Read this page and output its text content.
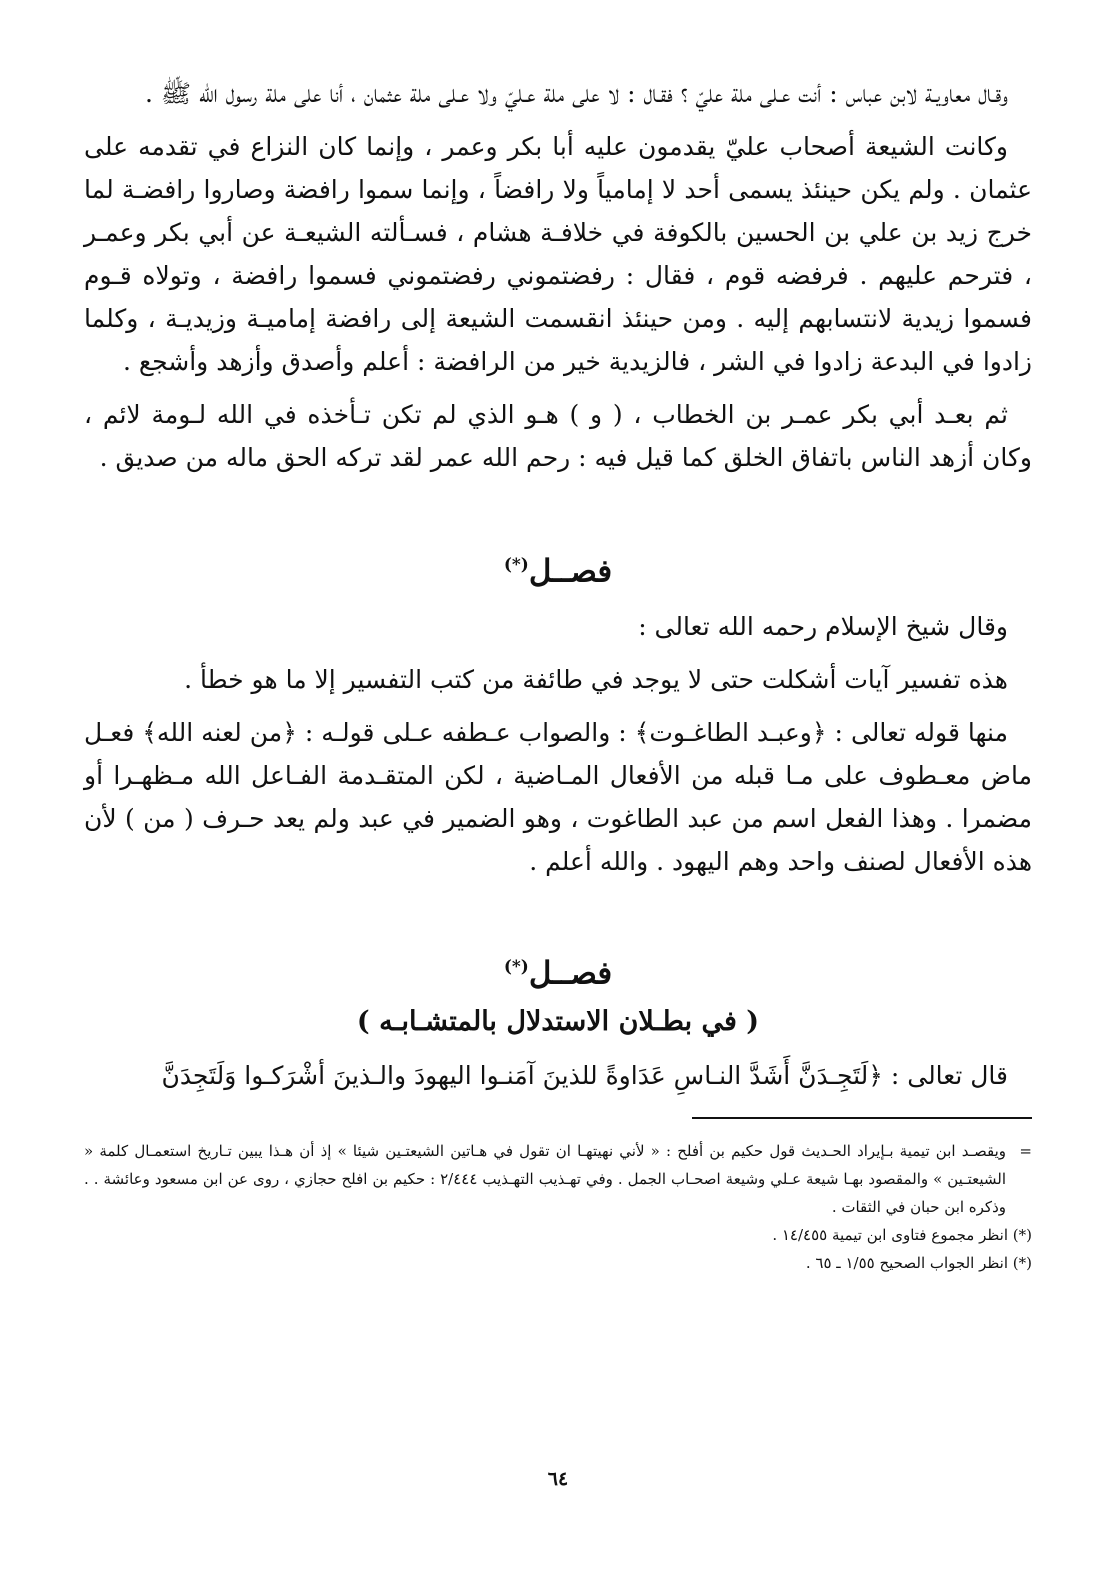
وقـال معاويـة لابن عباس : أنت عـلى ملة عليّ ؟ فقـال : لا على ملة عـليّ ولا عـلى ملة عثمان ، أنا على ملة رسول الله ﷺ .

وكانت الشيعة أصحاب عليّ يقدمون عليه أبا بكر وعمر ، وإنما كان النزاع في تقدمه على عثمان . ولم يكن حينئذ يسمى أحد لا إمامياً ولا رافضاً ، وإنما سموا رافضة وصاروا رافضـة لما خرج زيد بن علي بن الحسين بالكوفة في خلافـة هشام ، فسـألته الشيعـة عن أبي بكر وعمـر ، فترحم عليهم . فرفضه قوم ، فقال : رفضتموني رفضتموني فسموا رافضة ، وتولاه قـوم فسموا زيدية لانتسابهم إليه . ومن حينئذ انقسمت الشيعة إلى رافضة إماميـة وزيديـة ، وكلما زادوا في البدعة زادوا في الشر ، فالزيدية خير من الرافضة : أعلم وأصدق وأزهد وأشجع .

ثم بعـد أبي بكر عمـر بن الخطاب ، ( و ) هـو الذي لم تكن تـأخذه في الله لـومة لائم ، وكان أزهد الناس باتفاق الخلق كما قيل فيه : رحم الله عمر لقد تركه الحق ماله من صديق .

فصــل(*)

وقال شيخ الإسلام رحمه الله تعالى :

هذه تفسير آيات أشكلت حتى لا يوجد في طائفة من كتب التفسير إلا ما هو خطأ .

منها قوله تعالى : ﴿وعبـد الطاغـوت﴾ : والصواب عـطفه عـلى قولـه : ﴿من لعنه الله﴾ فعـل ماض معـطوف على مـا قبله من الأفعال المـاضية ، لكن المتقـدمة الفـاعل الله مـظهـرا أو مضمرا . وهذا الفعل اسم من عبد الطاغوت ، وهو الضمير في عبد ولم يعد حـرف ( من ) لأن هذه الأفعال لصنف واحد وهم اليهود . والله أعلم .

فصــل(*)
( في بطـلان الاستدلال بالمتشـابـه )

قال تعالى : ﴿لَتَجِـدَنَّ أَشَدَّ النـاسِ عَدَاوةً للذينَ آمَنـوا اليهودَ والـذينَ أشْرَكـوا وَلَتَجِدَنَّ

=
ويقصـد ابن تيمية بـإيراد الحـديث قول حكيم بن أفلح : « لأني نهيتهـا ان تقول في هـاتين الشيعتـين شيئا » إذ أن هـذا يبين تـاريخ استعمـال كلمة « الشيعتـين » والمقصود بهـا شيعة عـلي وشيعة اصحـاب الجمل . وفي تهـذيب التهـذيب ٢/٤٤٤ : حكيم بن افلح حجازي ، روى عن ابن مسعود وعائشة . . وذكره ابن حبان في الثقات .

(*) انظر مجموع فتاوى ابن تيمية ١٤/٤٥٥ .

(*) انظر الجواب الصحيح ١/٥٥ ـ ٦٥ .

٦٤
